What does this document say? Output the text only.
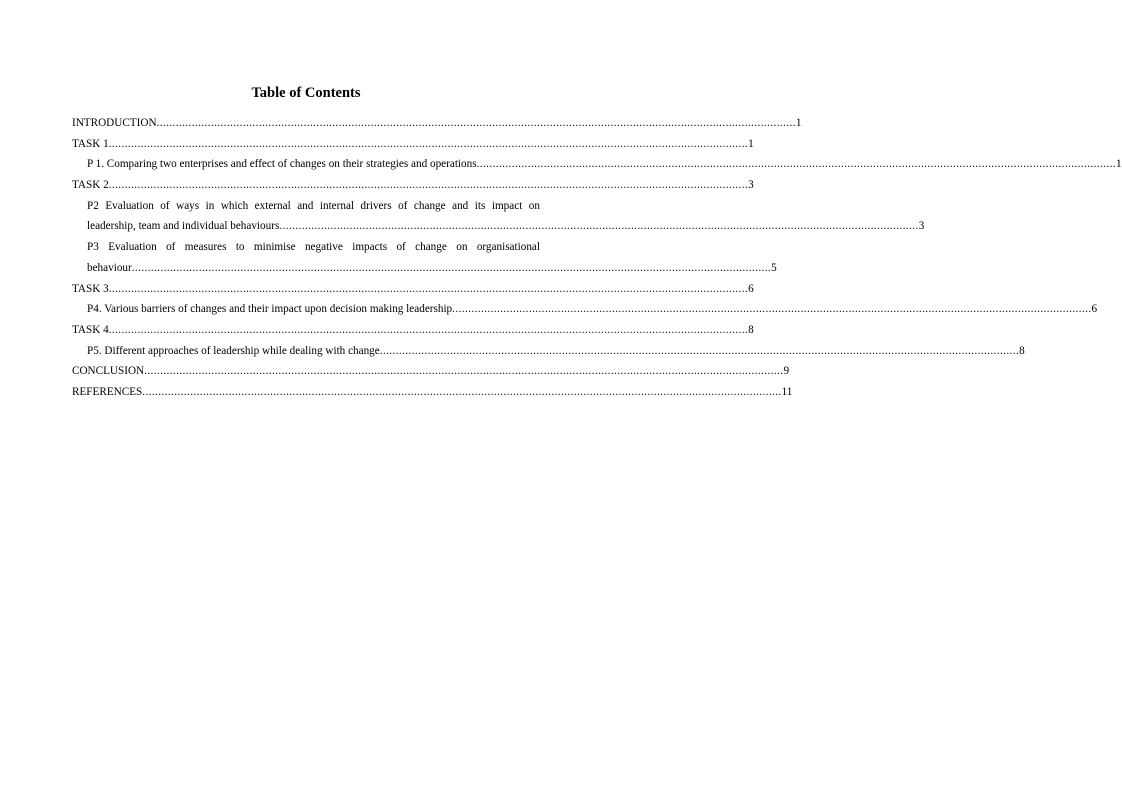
Table of Contents
INTRODUCTION ........................................................................................................................................................................................................ 1
TASK 1 ........................................................................................................................................................................................................ 1
P 1. Comparing two enterprises and effect of changes on their strategies and operations ........................................................................................................................................................................................................ 1
TASK 2 ........................................................................................................................................................................................................ 3
P2 Evaluation of ways in which external and internal drivers of change and its impact on
leadership, team and individual behaviours ........................................................................................................................................................................................................ 3
P3 Evaluation of measures to minimise negative impacts of change on organisational
behaviour ........................................................................................................................................................................................................ 5
TASK 3 ........................................................................................................................................................................................................ 6
P4. Various barriers of changes and their impact upon decision making leadership ........................................................................................................................................................................................................ 6
TASK 4 ........................................................................................................................................................................................................ 8
P5. Different approaches of leadership while dealing with change ........................................................................................................................................................................................................ 8
CONCLUSION ........................................................................................................................................................................................................ 9
REFERENCES ........................................................................................................................................................................................................ 11
